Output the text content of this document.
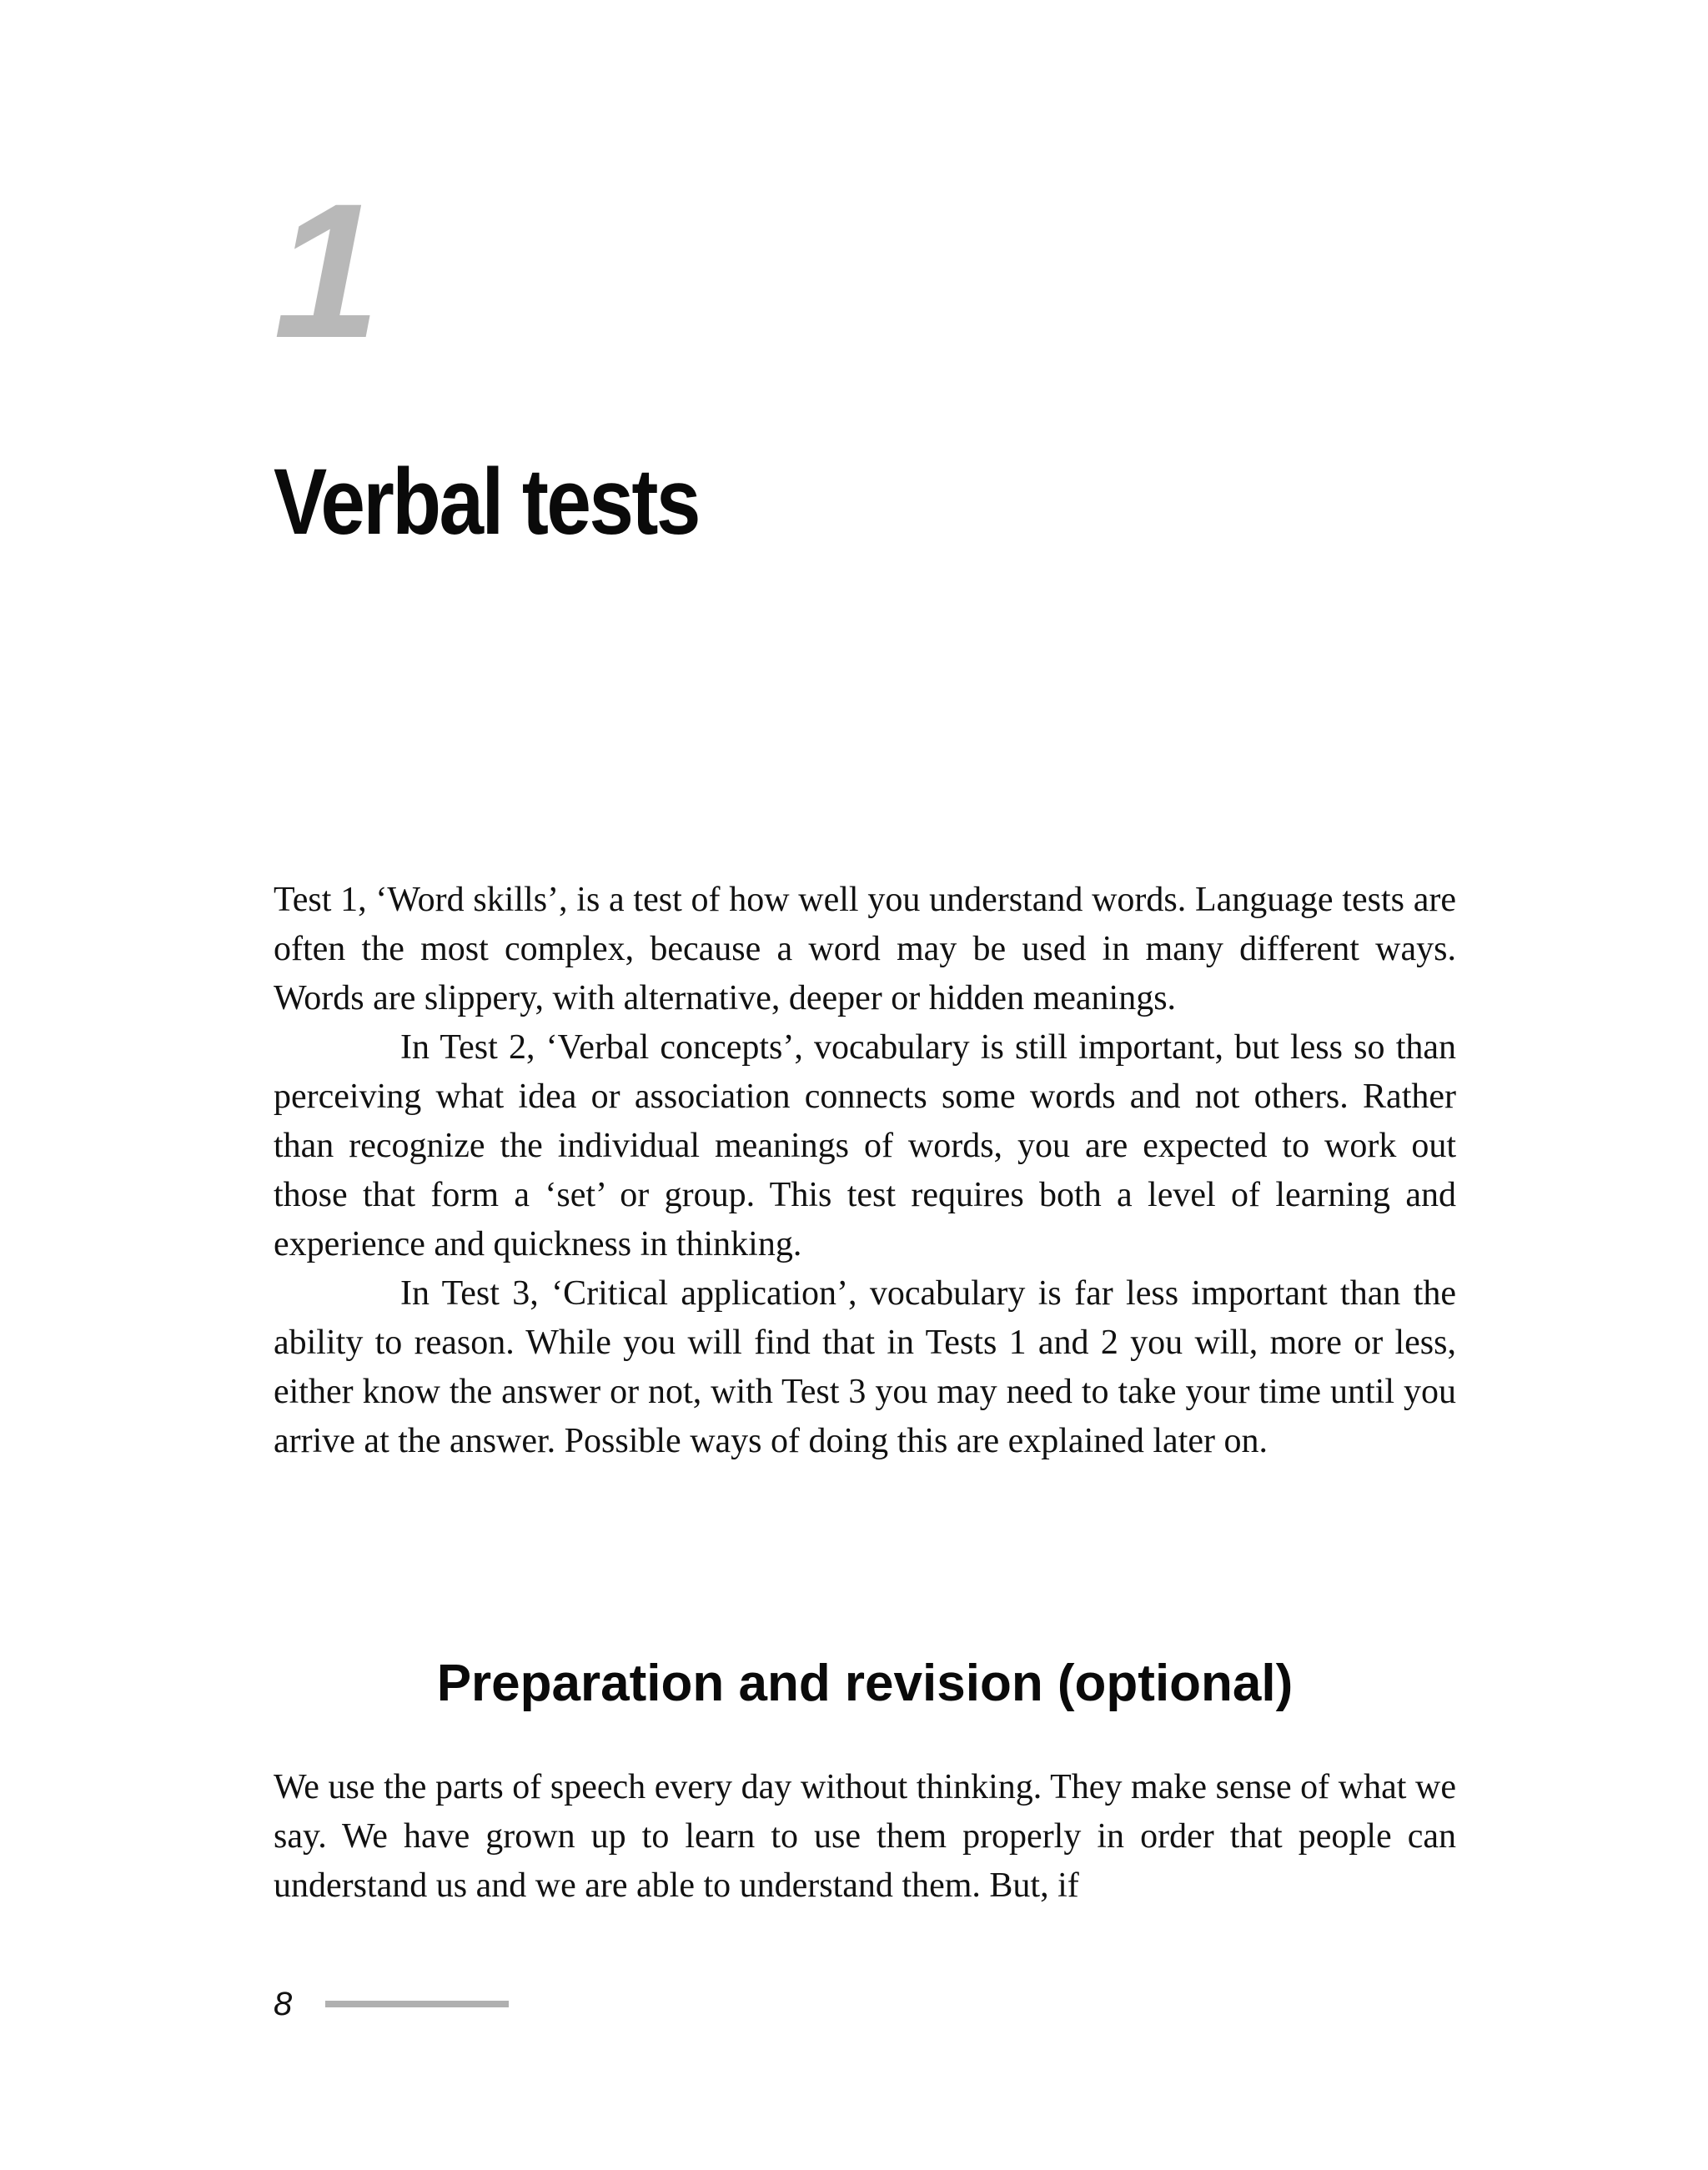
1
Verbal tests

Test 1, ‘Word skills’, is a test of how well you understand words. Language tests are often the most complex, because a word may be used in many different ways. Words are slippery, with alternative, deeper or hidden meanings.

In Test 2, ‘Verbal concepts’, vocabulary is still important, but less so than perceiving what idea or association connects some words and not others. Rather than recognize the individual meanings of words, you are expected to work out those that form a ‘set’ or group. This test requires both a level of learning and experience and quickness in thinking.

In Test 3, ‘Critical application’, vocabulary is far less important than the ability to reason. While you will find that in Tests 1 and 2 you will, more or less, either know the answer or not, with Test 3 you may need to take your time until you arrive at the answer. Possible ways of doing this are explained later on.

Preparation and revision (optional)

We use the parts of speech every day without thinking. They make sense of what we say. We have grown up to learn to use them properly in order that people can understand us and we are able to understand them. But, if

8
